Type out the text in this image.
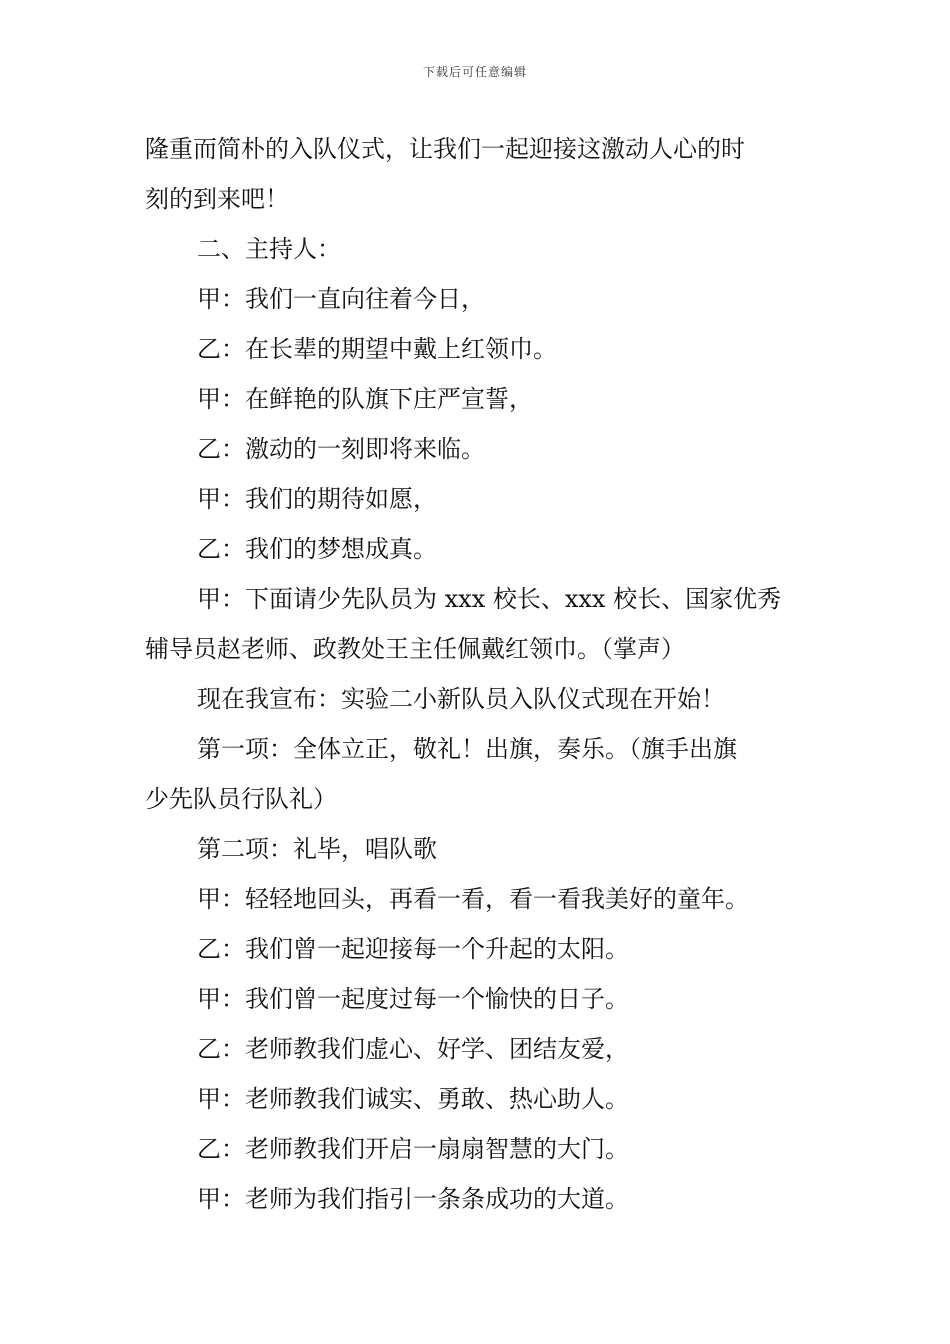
下载后可任意编辑

隆重而简朴的入队仪式，让我们一起迎接这激动人心的时
刻的到来吧！

二、主持人：

甲：我们一直向往着今日，

乙：在长辈的期望中戴上红领巾。

甲：在鲜艳的队旗下庄严宣誓，

乙：激动的一刻即将来临。

甲：我们的期待如愿，

乙：我们的梦想成真。

甲：下面请少先队员为 xxx 校长、xxx 校长、国家优秀
辅导员赵老师、政教处王主任佩戴红领巾。（掌声）

现在我宣布：实验二小新队员入队仪式现在开始！

第一项：全体立正，敬礼！出旗，奏乐。（旗手出旗
少先队员行队礼）

第二项：礼毕，唱队歌

甲：轻轻地回头，再看一看，看一看我美好的童年。

乙：我们曾一起迎接每一个升起的太阳。

甲：我们曾一起度过每一个愉快的日子。

乙：老师教我们虚心、好学、团结友爱，

甲：老师教我们诚实、勇敢、热心助人。

乙：老师教我们开启一扇扇智慧的大门。

甲：老师为我们指引一条条成功的大道。
